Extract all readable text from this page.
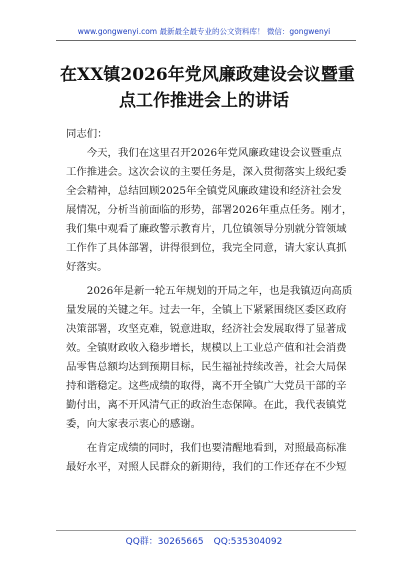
www.gongwenyi.com 最新最全最专业的公文资料库！ 微信：gongwenyi
在XX镇2026年党风廉政建设会议暨重
点工作推进会上的讲话
同志们：
　　今天，我们在这里召开2026年党风廉政建设会议暨重点
工作推进会。这次会议的主要任务是，深入贯彻落实上级纪委
全会精神，总结回顾2025年全镇党风廉政建设和经济社会发
展情况，分析当前面临的形势，部署2026年重点任务。刚才，
我们集中观看了廉政警示教育片，几位镇领导分别就分管领域
工作作了具体部署，讲得很到位，我完全同意，请大家认真抓
好落实。
　　2026年是新一轮五年规划的开局之年，也是我镇迈向高质
量发展的关键之年。过去一年，全镇上下紧紧围绕区委区政府
决策部署，攻坚克难，锐意进取，经济社会发展取得了显著成
效。全镇财政收入稳步增长，规模以上工业总产值和社会消费
品零售总额均达到预期目标，民生福祉持续改善，社会大局保
持和谐稳定。这些成绩的取得，离不开全镇广大党员干部的辛
勤付出，离不开风清气正的政治生态保障。在此，我代表镇党
委，向大家表示衷心的感谢。
　　在肯定成绩的同时，我们也要清醒地看到，对照最高标准
最好水平，对照人民群众的新期待，我们的工作还存在不少短
QQ群：30265665 QQ:535304092
